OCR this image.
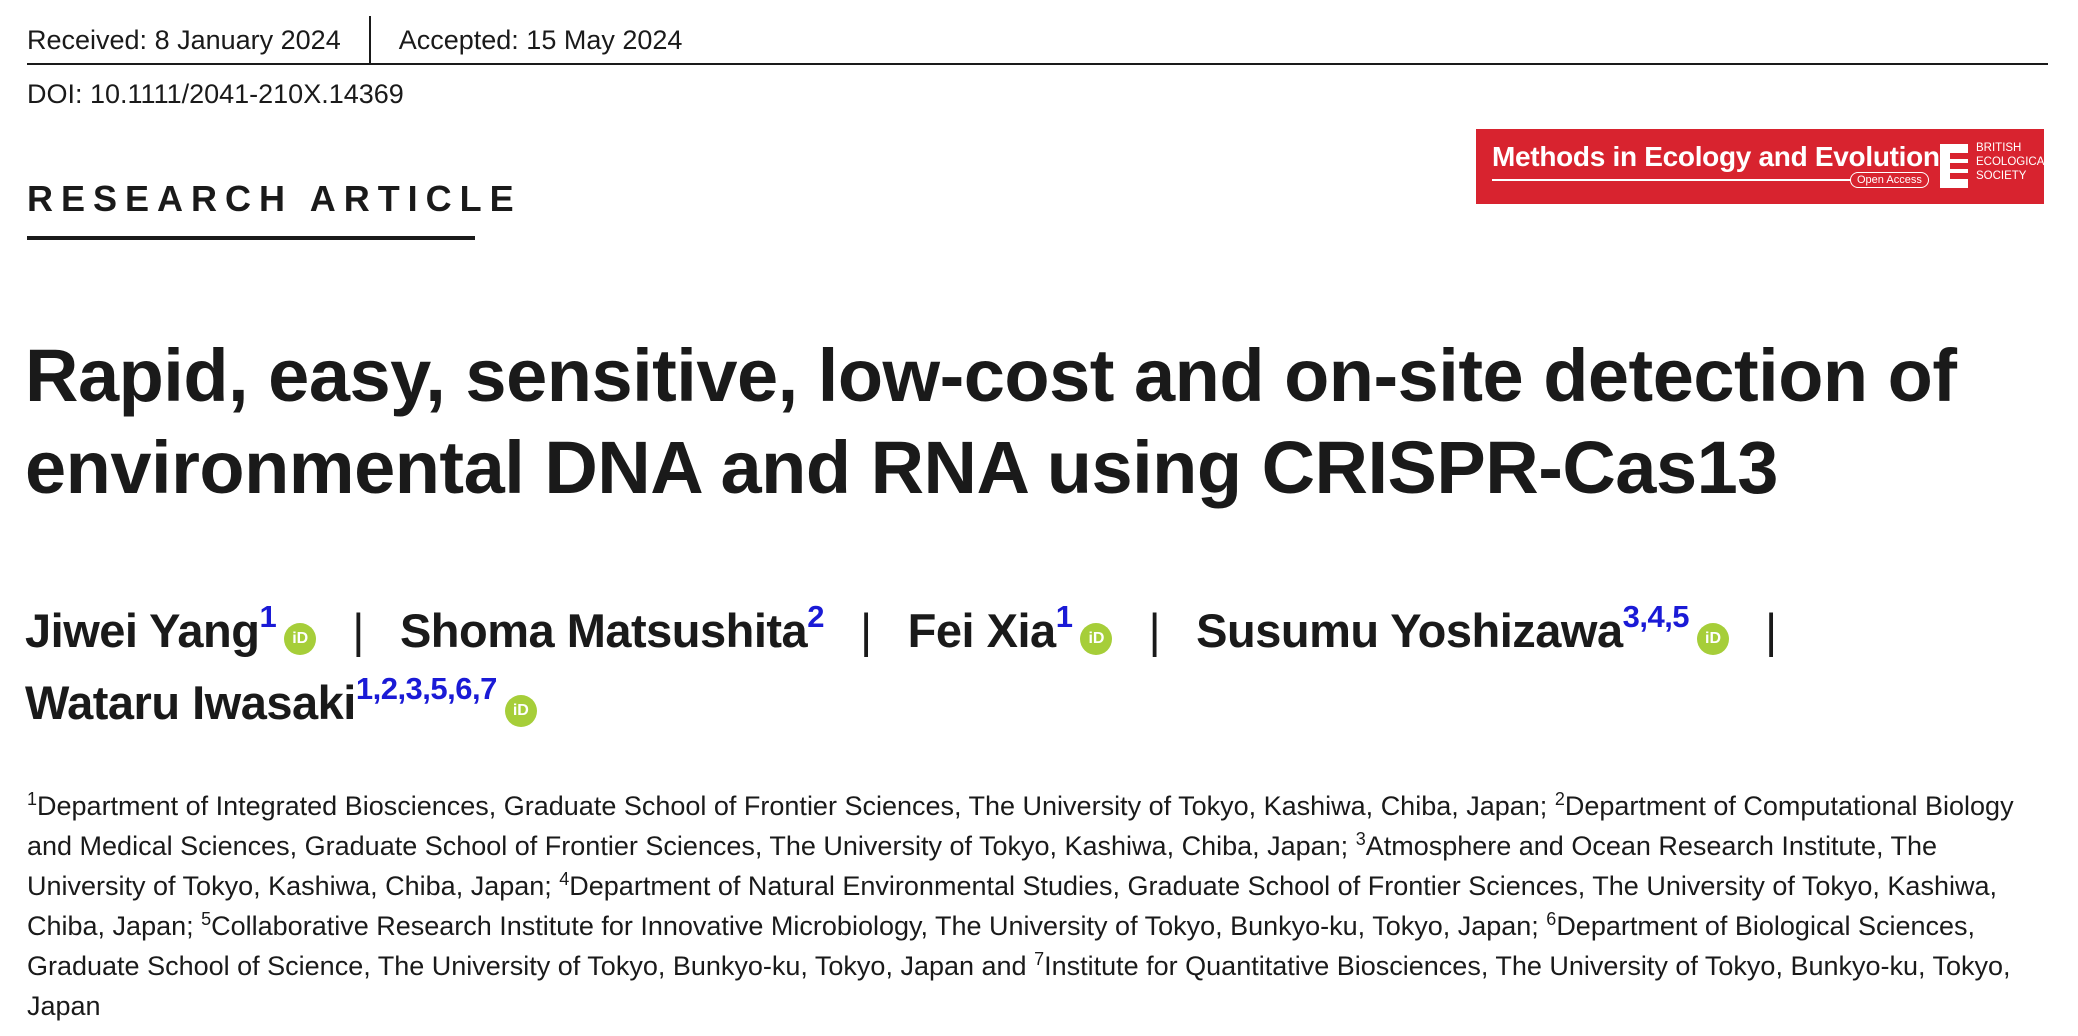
Received: 8 January 2024 Accepted: 15 May 2024
DOI: 10.1111/2041-210X.14369
RESEARCH ARTICLE
Methods in Ecology and Evolution
Open Access
BRITISH
ECOLOGICAL
SOCIETY
Rapid, easy, sensitive, low-cost and on-site detection of environmental DNA and RNA using CRISPR-Cas13
Jiwei Yang$^1$iD | Shoma Matsushita$^2$ | Fei Xia$^1$iD | Susumu Yoshizawa$^{3,4,5}$iD |
Wataru Iwasaki$^{1,2,3,5,6,7}$iD

$^1$Department of Integrated Biosciences, Graduate School of Frontier Sciences, The University of Tokyo, Kashiwa, Chiba, Japan; $^2$Department of Computational Biology and Medical Sciences, Graduate School of Frontier Sciences, The University of Tokyo, Kashiwa, Chiba, Japan; $^3$Atmosphere and Ocean Research Institute, The University of Tokyo, Kashiwa, Chiba, Japan; $^4$Department of Natural Environmental Studies, Graduate School of Frontier Sciences, The University of Tokyo, Kashiwa, Chiba, Japan; $^5$Collaborative Research Institute for Innovative Microbiology, The University of Tokyo, Bunkyo-ku, Tokyo, Japan; $^6$Department of Biological Sciences, Graduate School of Science, The University of Tokyo, Bunkyo-ku, Tokyo, Japan and $^7$Institute for Quantitative Biosciences, The University of Tokyo, Bunkyo-ku, Tokyo, Japan
